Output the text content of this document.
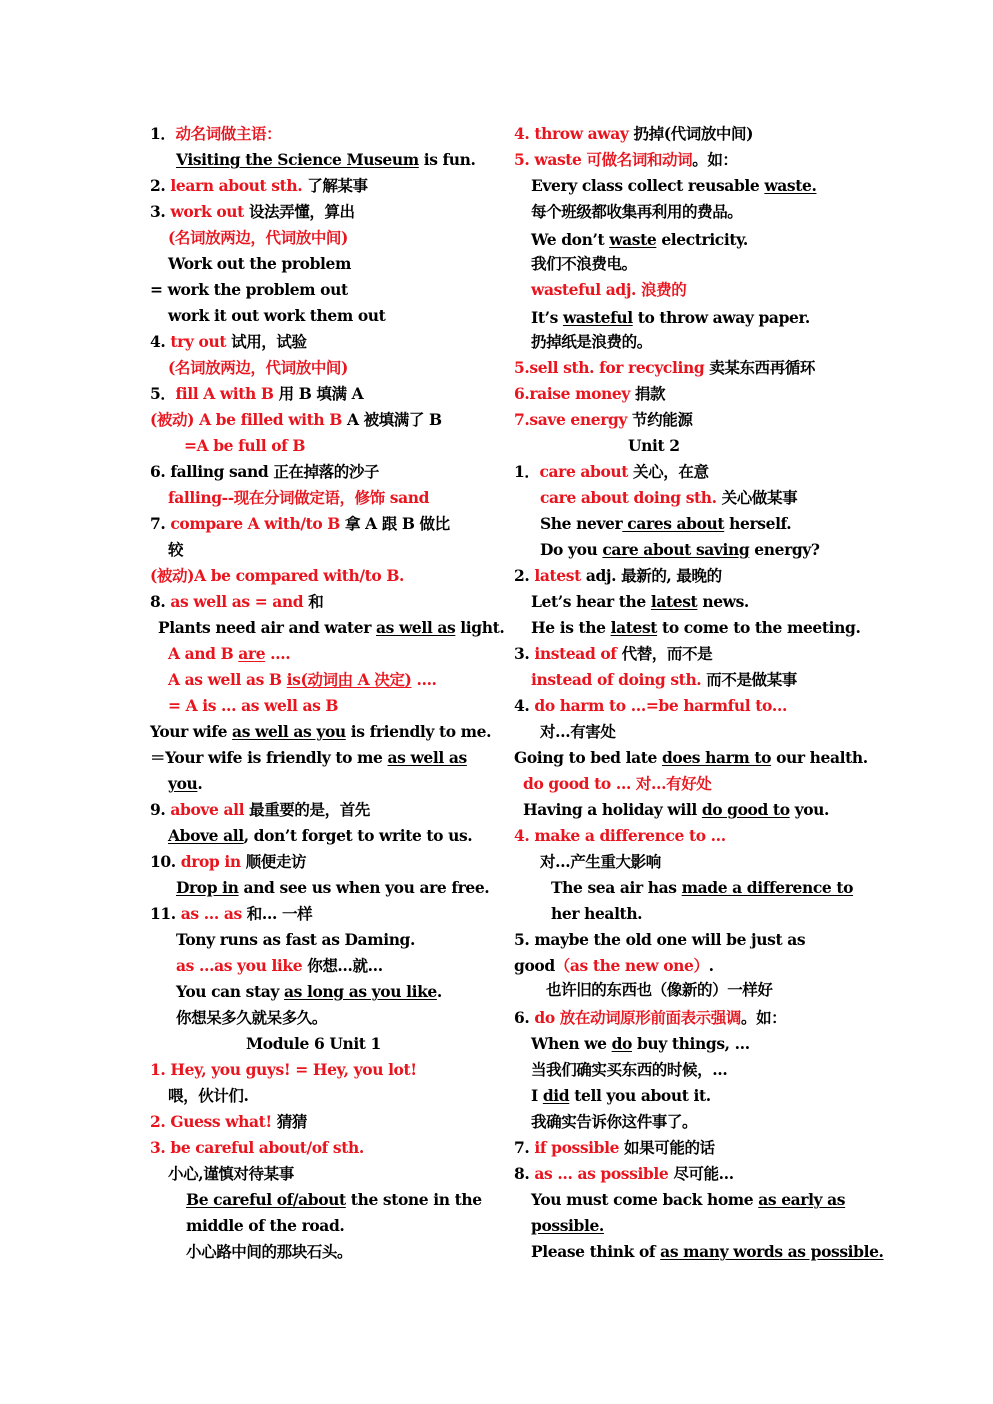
1．动名词做主语：
Visiting the Science Museum is fun.
2. learn about sth. 了解某事
3. work out 设法弄懂，算出
(名词放两边，代词放中间)
Work out the problem
= work the problem out
work it out work them out
4. try out 试用，试验
(名词放两边，代词放中间)
5．fill A with B 用 B 填满 A
(被动) A be filled with B A 被填满了 B
=A be full of B
6. falling sand 正在掉落的沙子
falling--现在分词做定语，修饰 sand
7. compare A with/to B 拿 A 跟 B 做比
较
(被动)A be compared with/to B.
8. as well as = and 和
Plants need air and water as well as light.
A and B are ….
A as well as B is(动词由 A 决定) ….
= A is … as well as B
Your wife as well as you is friendly to me.
＝Your wife is friendly to me as well as
you.
9. above all 最重要的是，首先
Above all, don’t forget to write to us.
10. drop in 顺便走访
Drop in and see us when you are free.
11. as … as 和… 一样
Tony runs as fast as Daming.
as …as you like 你想…就…
You can stay as long as you like.
你想呆多久就呆多久。
Module 6 Unit 1
1. Hey, you guys! = Hey, you lot!
喂，伙计们.
2. Guess what! 猜猜
3. be careful about/of sth.
小心,谨慎对待某事
Be careful of/about the stone in the
middle of the road.
小心路中间的那块石头。
4. throw away 扔掉(代词放中间)
5. waste 可做名词和动词。如：
Every class collect reusable waste.
每个班级都收集再利用的费品。
We don’t waste electricity.
我们不浪费电。
wasteful adj. 浪费的
It’s wasteful to throw away paper.
扔掉纸是浪费的。
5.sell sth. for recycling 卖某东西再循环
6.raise money 捐款
7.save energy 节约能源
Unit 2
1．care about 关心，在意
care about doing sth. 关心做某事
She never cares about herself.
Do you care about saving energy?
2. latest adj. 最新的, 最晚的
Let’s hear the latest news.
He is the latest to come to the meeting.
3. instead of 代替，而不是
instead of doing sth. 而不是做某事
4. do harm to …=be harmful to…
对…有害处
Going to bed late does harm to our health.
do good to … 对…有好处
Having a holiday will do good to you.
4. make a difference to …
对…产生重大影响
The sea air has made a difference to
her health.
5. maybe the old one will be just as
good（as the new one）.
也许旧的东西也（像新的）一样好
6. do 放在动词原形前面表示强调。如：
When we do buy things, …
当我们确实买东西的时候，…
I did tell you about it.
我确实告诉你这件事了。
7. if possible 如果可能的话
8. as … as possible 尽可能…
You must come back home as early as
possible.
Please think of as many words as possible.
